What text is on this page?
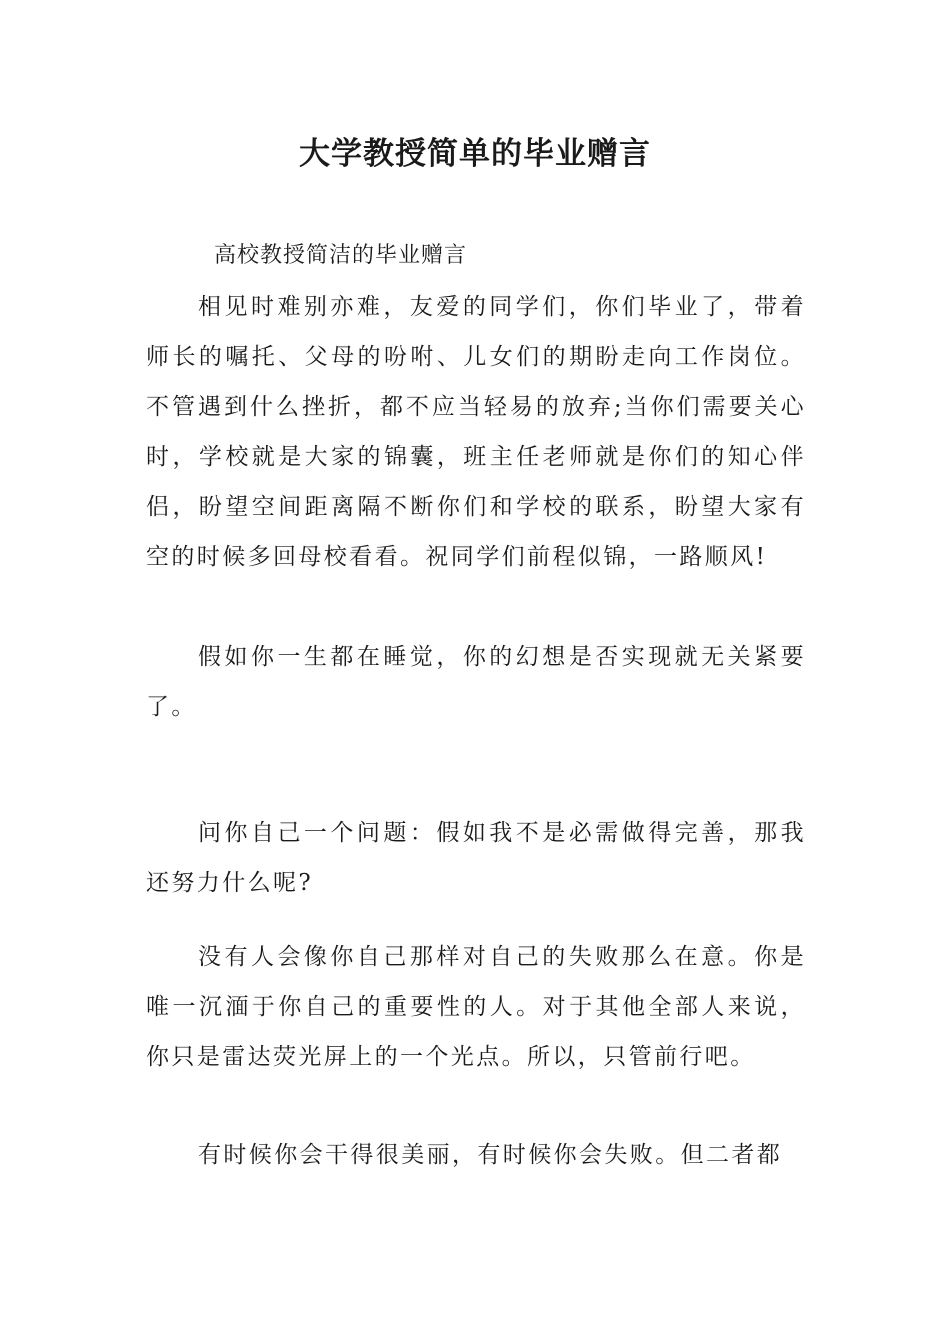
大学教授简单的毕业赠言

高校教授简洁的毕业赠言

相见时难别亦难，友爱的同学们，你们毕业了，带着师长的嘱托、父母的吩咐、儿女们的期盼走向工作岗位。不管遇到什么挫折，都不应当轻易的放弃;当你们需要关心时，学校就是大家的锦囊，班主任老师就是你们的知心伴侣，盼望空间距离隔不断你们和学校的联系，盼望大家有空的时候多回母校看看。祝同学们前程似锦，一路顺风!

假如你一生都在睡觉，你的幻想是否实现就无关紧要了。

问你自己一个问题：假如我不是必需做得完善，那我还努力什么呢?

没有人会像你自己那样对自己的失败那么在意。你是唯一沉湎于你自己的重要性的人。对于其他全部人来说，你只是雷达荧光屏上的一个光点。所以，只管前行吧。

有时候你会干得很美丽，有时候你会失败。但二者都
